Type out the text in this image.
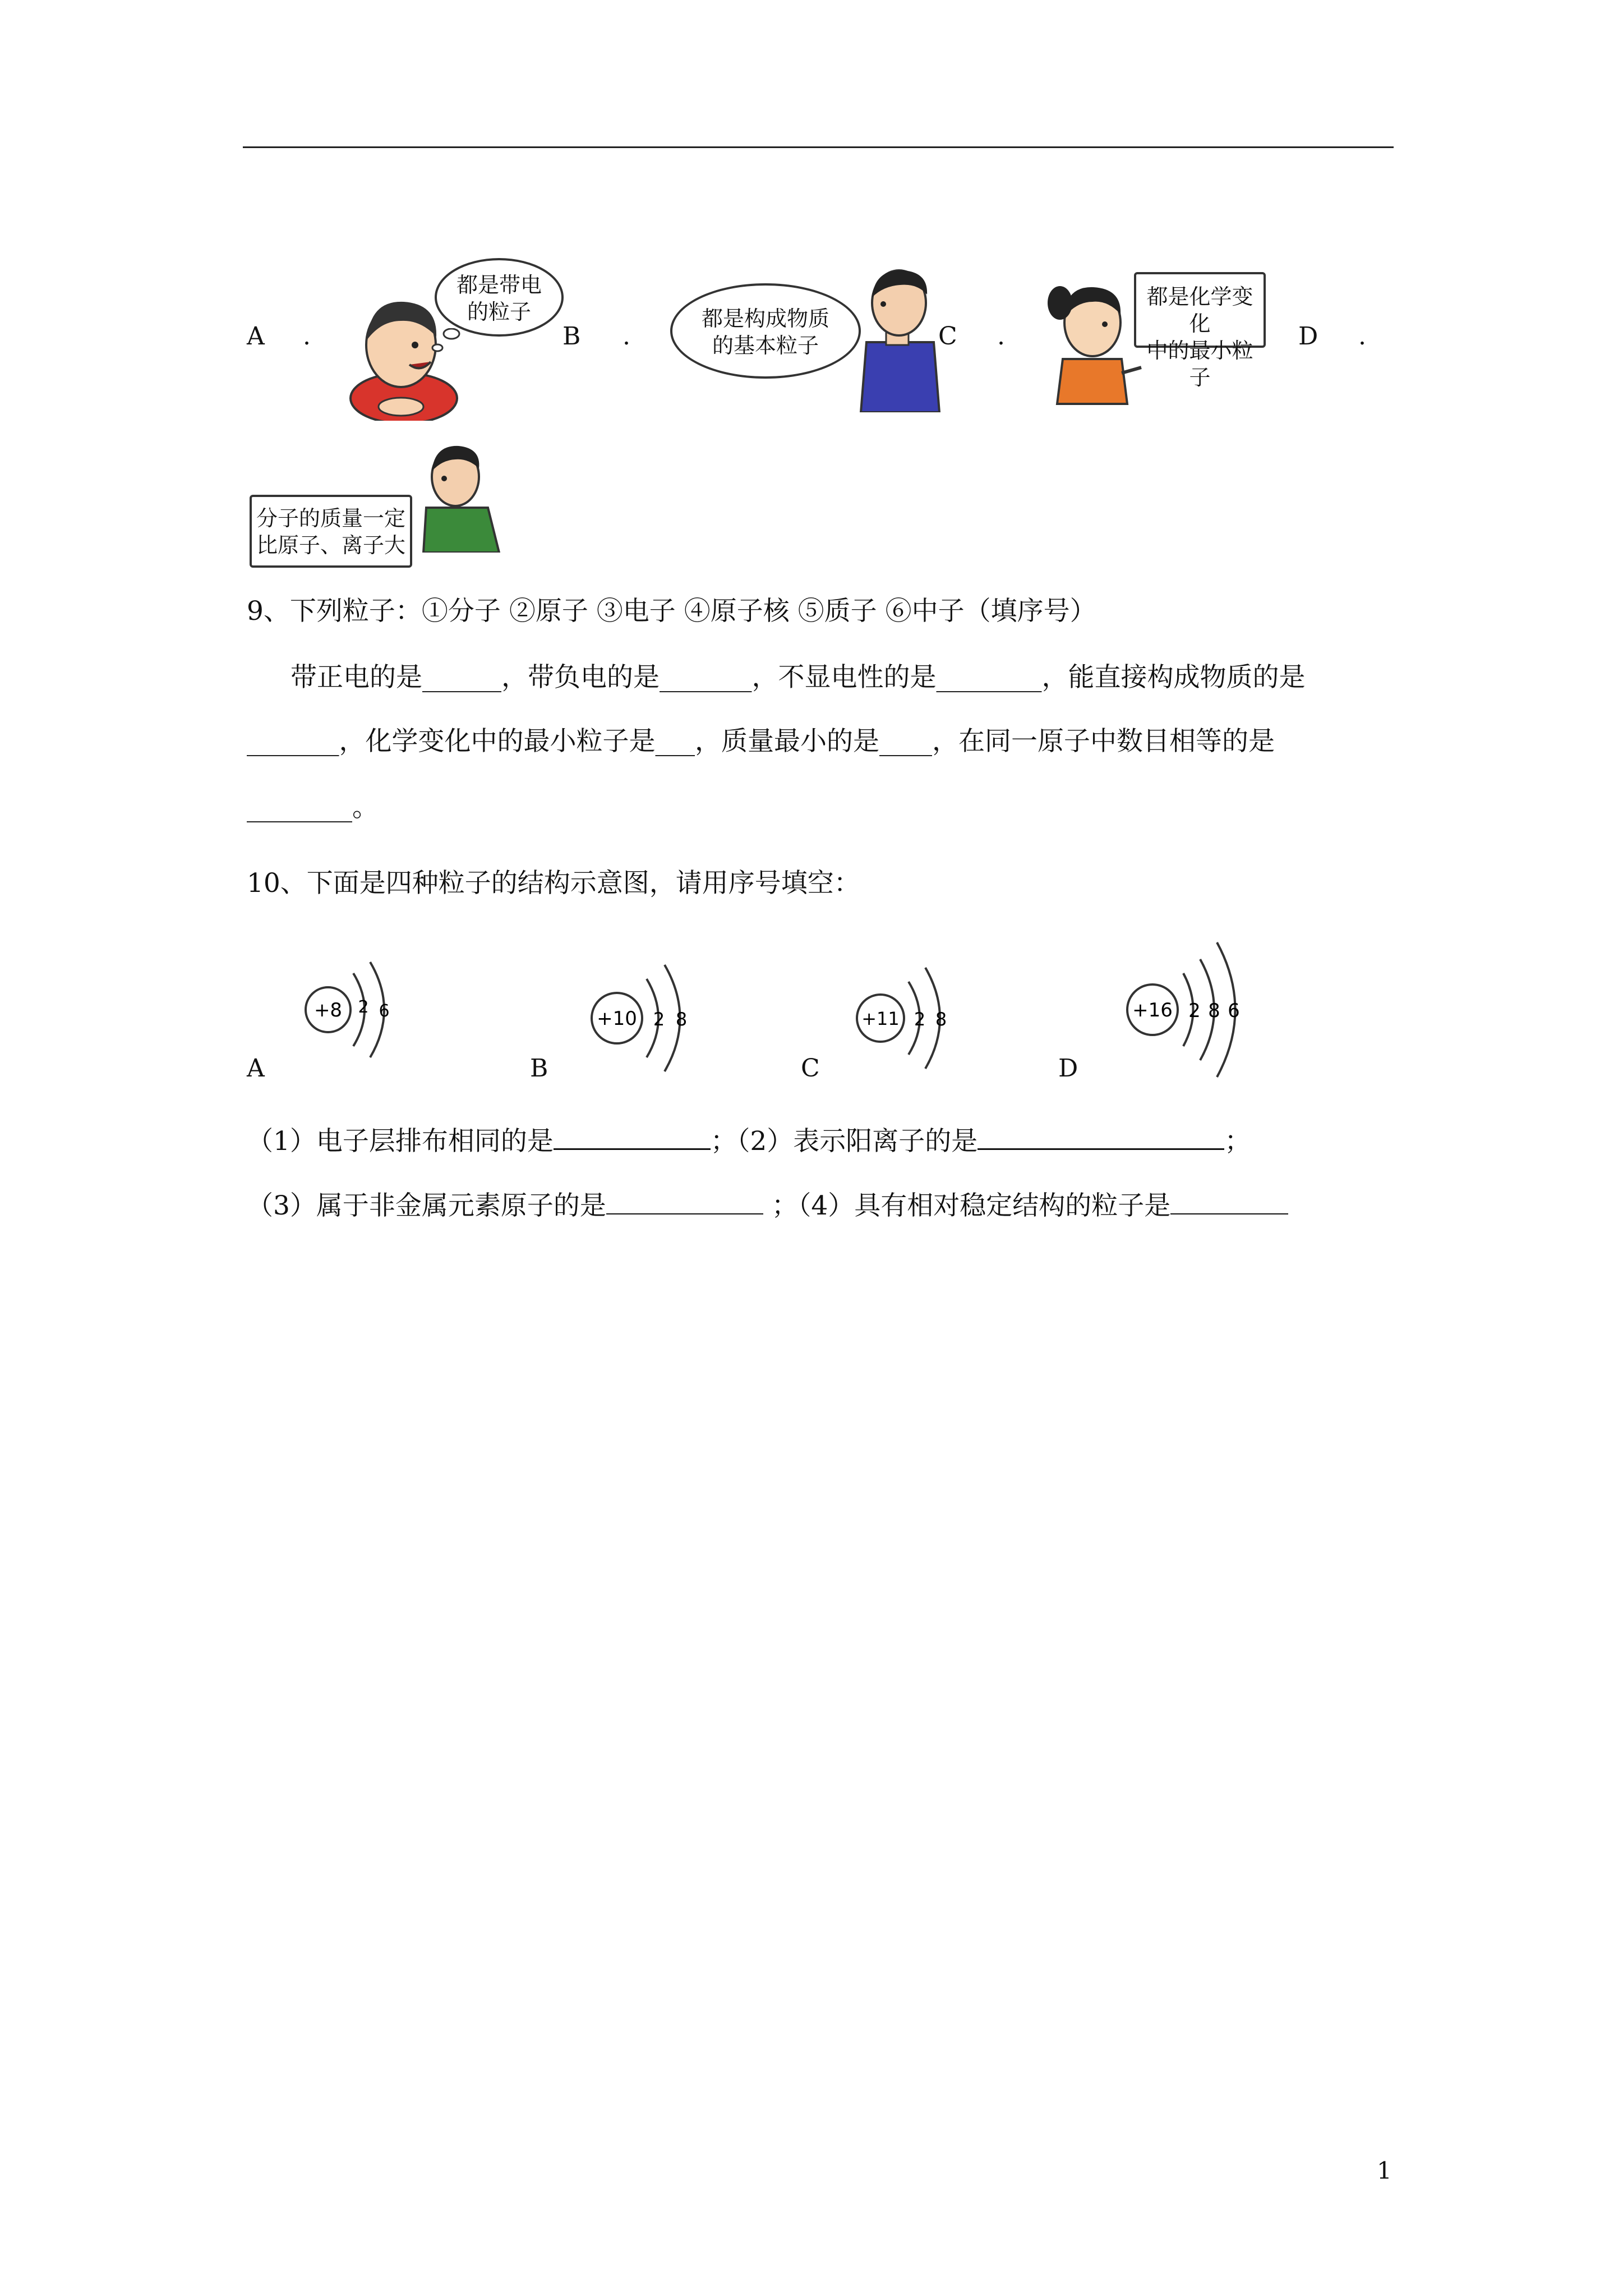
A .
都是带电
的粒子
B .
都是构成物质
的基本粒子	C .
都是化学变化
中的最小粒子
D .
分子的质量一定
比原子、离子大
9、下列粒子：①分子 ②原子 ③电子 ④原子核 ⑤质子 ⑥中子（填序号）
带正电的是______，带负电的是_______，不显电性的是________，能直接构成物质的是
_______，化学变化中的最小粒子是___，质量最小的是____，在同一原子中数目相等的是
________。
10、下面是四种粒子的结构示意图，请用序号填空：
A
+8 2 6
B
+10 2 8
C
+11 2 8
D
+16 2 8 6
（1）电子层排布相同的是	；（2）表示阳离子的是	；
（3）属于非金属元素原子的是	；（4）具有相对稳定结构的粒子是
1
